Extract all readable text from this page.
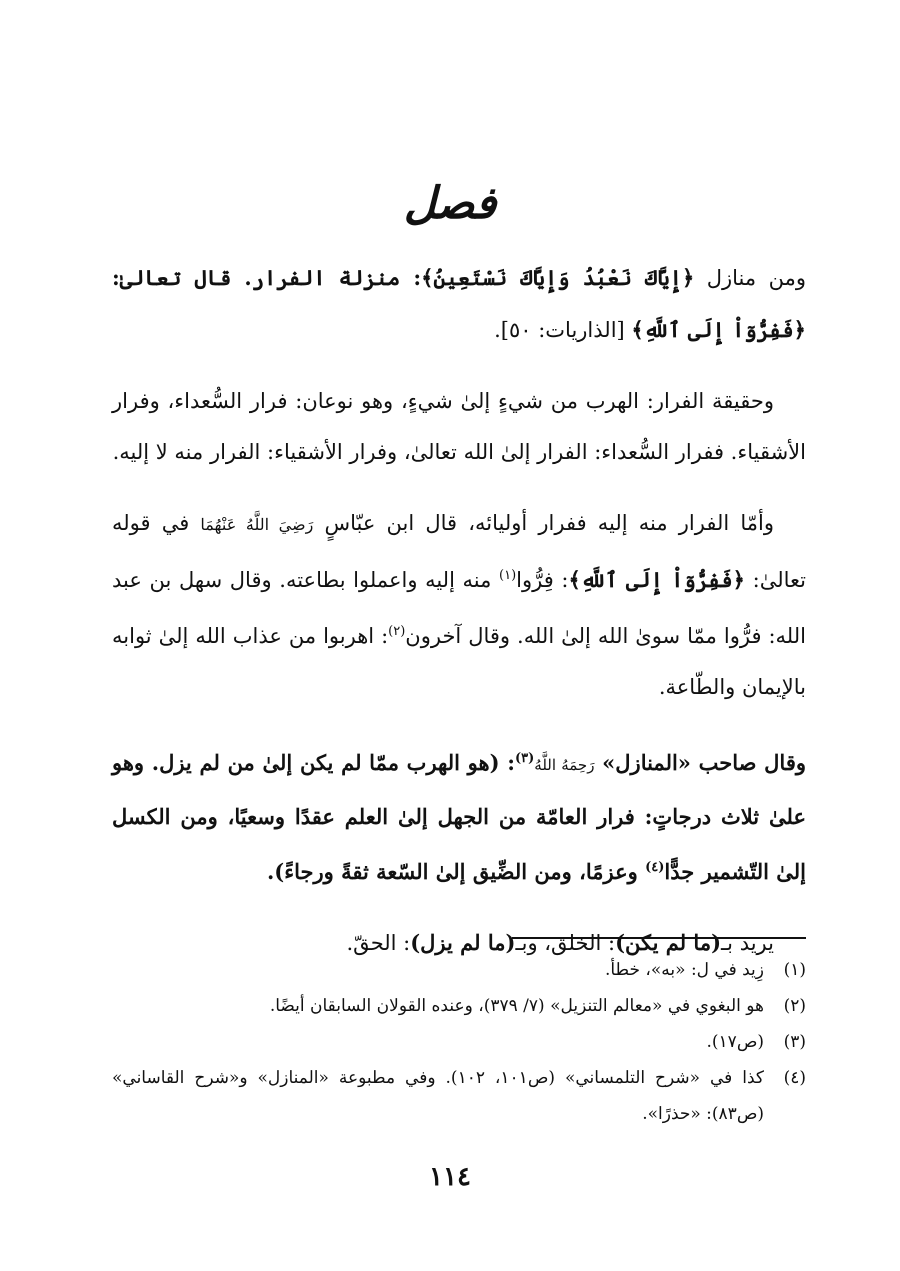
فصل

ومن منازل ﴿إِيَّاكَ نَعْبُدُ وَإِيَّاكَ نَسْتَعِينُ﴾: منزلة الفرار. قال تعالىٰ: ﴿فَفِرُّوٓاْ إِلَى ٱللَّهِ﴾ [الذاريات: ٥٠].

وحقيقة الفرار: الهرب من شيءٍ إلىٰ شيءٍ، وهو نوعان: فرار السُّعداء، وفرار الأشقياء. ففرار السُّعداء: الفرار إلىٰ الله تعالىٰ، وفرار الأشقياء: الفرار منه لا إليه.

وأمّا الفرار منه إليه ففرار أوليائه، قال ابن عبّاسٍ رَضِيَ اللَّهُ عَنْهُمَا في قوله تعالىٰ: ﴿فَفِرُّوٓاْ إِلَى ٱللَّهِ﴾: فِرُّوا$^{(١)}$ منه إليه واعملوا بطاعته. وقال سهل بن عبد الله: فرُّوا ممّا سوىٰ الله إلىٰ الله. وقال آخرون$^{(٢)}$: اهربوا من عذاب الله إلىٰ ثوابه بالإيمان والطّاعة.

وقال صاحب «المنازل» رَحِمَهُ اللَّهُ$^{(٣)}$: (هو الهرب ممّا لم يكن إلىٰ من لم يزل. وهو علىٰ ثلاث درجاتٍ: فرار العامّة من الجهل إلىٰ العلم عقدًا وسعيًا، ومن الكسل إلىٰ التّشمير جدًّا$^{(٤)}$ وعزمًا، ومن الضِّيق إلىٰ السّعة ثقةً ورجاءً).

يريد بـ(ما لم يكن): الخلق، وبـ(ما لم يزل): الحقّ.

(١)
زِيد في ل: «به»، خطأ.
(٢)
هو البغوي في «معالم التنزيل» (٧/ ٣٧٩)، وعنده القولان السابقان أيضًا.
(٣)
(ص١٧).
(٤)
كذا في «شرح التلمساني» (ص١٠١، ١٠٢). وفي مطبوعة «المنازل» و«شرح القاساني» (ص٨٣): «حذرًا».
١١٤
